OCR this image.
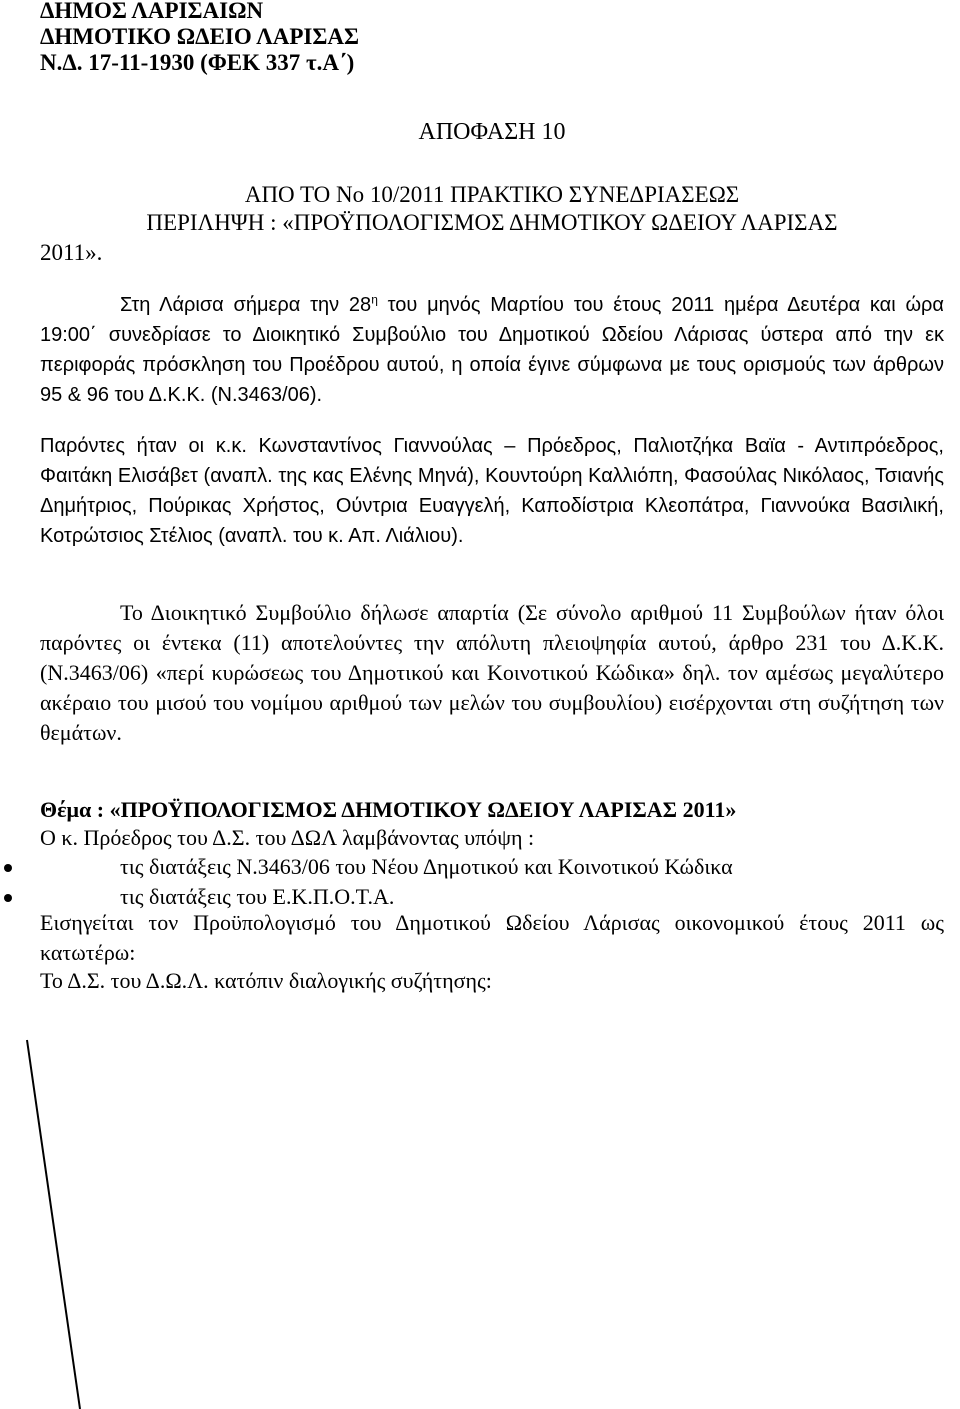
ΔΗΜΟΣ ΛΑΡΙΣΑΙΩΝ
ΔΗΜΟΤΙΚΟ ΩΔΕΙΟ ΛΑΡΙΣΑΣ
Ν.Δ. 17-11-1930 (ΦΕΚ 337 τ.Α΄)
ΑΠΟΦΑΣΗ 10
ΑΠΟ ΤΟ Νο 10/2011 ΠΡΑΚΤΙΚΟ ΣΥΝΕΔΡΙΑΣΕΩΣ
ΠΕΡΙΛΗΨΗ : «ΠΡΟΫΠΟΛΟΓΙΣΜΟΣ ΔΗΜΟΤΙΚΟΥ ΩΔΕΙΟΥ ΛΑΡΙΣΑΣ
2011».
Στη Λάρισα σήμερα την $28^\eta$ του μηνός Μαρτίου του έτους 2011 ημέρα Δευτέρα και ώρα 19:00΄ συνεδρίασε το Διοικητικό Συμβούλιο του Δημοτικού Ωδείου Λάρισας ύστερα από την εκ περιφοράς πρόσκληση του Προέδρου αυτού, η οποία έγινε σύμφωνα με τους ορισμούς των άρθρων 95 & 96 του Δ.Κ.Κ. (Ν.3463/06).
Παρόντες ήταν οι κ.κ. Κωνσταντίνος Γιαννούλας – Πρόεδρος, Παλιοτζήκα Βαϊα - Αντιπρόεδρος, Φαιτάκη Ελισάβετ (αναπλ. της κας Ελένης Μηνά), Κουντούρη Καλλιόπη, Φασούλας Νικόλαος, Τσιανής Δημήτριος, Πούρικας Χρήστος, Ούντρια Ευαγγελή, Καποδίστρια Κλεοπάτρα, Γιαννούκα Βασιλική, Κοτρώτσιος Στέλιος (αναπλ. του κ. Απ. Λιάλιου).
Το Διοικητικό Συμβούλιο δήλωσε απαρτία (Σε σύνολο αριθμού 11 Συμβούλων ήταν όλοι παρόντες οι έντεκα (11) αποτελούντες την απόλυτη πλειοψηφία αυτού, άρθρο 231 του Δ.Κ.Κ. (Ν.3463/06) «περί κυρώσεως του Δημοτικού και Κοινοτικού Κώδικα» δηλ. τον αμέσως μεγαλύτερο ακέραιο του μισού του νομίμου αριθμού των μελών του συμβουλίου) εισέρχονται στη συζήτηση των θεμάτων.
Θέμα : «ΠΡΟΫΠΟΛΟΓΙΣΜΟΣ ΔΗΜΟΤΙΚΟΥ ΩΔΕΙΟΥ ΛΑΡΙΣΑΣ 2011»
Ο κ. Πρόεδρος του Δ.Σ. του ΔΩΛ λαμβάνοντας υπόψη :
τις διατάξεις Ν.3463/06 του Νέου Δημοτικού και Κοινοτικού Κώδικα
τις διατάξεις του Ε.Κ.Π.Ο.Τ.Α.
Εισηγείται τον Προϋπολογισμό του Δημοτικού Ωδείου Λάρισας οικονομικού έτους 2011 ως κατωτέρω:
Το Δ.Σ. του Δ.Ω.Λ. κατόπιν διαλογικής συζήτησης:
